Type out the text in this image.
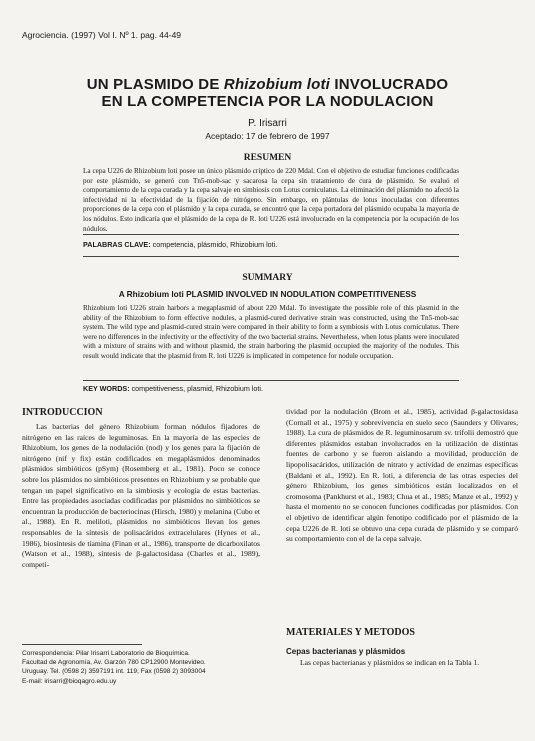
Agrociencia. (1997) Vol I. Nº 1. pag. 44-49
UN PLASMIDO DE Rhizobium loti INVOLUCRADO
EN LA COMPETENCIA POR LA NODULACION
P. Irisarri
Aceptado: 17 de febrero de 1997
RESUMEN

La cepa U226 de Rhizobium loti posee un único plásmido críptico de 220 Mdal. Con el objetivo de estudiar funciones codificadas por este plásmido, se generó con Tn5-mob-sac y sacarosa la cepa sin tratamiento de cura de plásmido. Se evaluó el comportamiento de la cepa curada y la cepa salvaje en simbiosis con Lotus corniculatus. La eliminación del plásmido no afectó la infectividad ni la efectividad de la fijación de nitrógeno. Sin embargo, en plántulas de lotus inoculadas con diferentes proporciones de la cepa con el plásmido y la cepa curada, se encontró que la cepa portadora del plásmido ocupaba la mayoría de los nódulos. Esto indicaría que el plásmido de la cepa de R. loti U226 está involucrado en la competencia por la ocupación de los nódulos.

PALABRAS CLAVE: competencia, plásmido, Rhizobium loti.
SUMMARY
A Rhizobium loti PLASMID INVOLVED IN NODULATION COMPETITIVENESS

Rhizobium loti U226 strain harbors a megaplasmid of about 220 Mdal. To investigate the possible role of this plasmid in the ability of the Rhizobium to form effective nodules, a plasmid-cured derivative strain was constructed, using the Tn5-mob-sac system. The wild type and plasmid-cured strain were compared in their ability to form a symbiosis with Lotus corniculatus. There were no differences in the infectivity or the effectivity of the two bacterial strains. Nevertheless, when lotus plants were inoculated with a mixture of strains with and without plasmid, the strain harboring the plasmid occupied the majority of the nodules. This result would indicate that the plasmid from R. loti U226 is implicated in competence for nodule occupation.

KEY WORDS: competitiveness, plasmid, Rhizobium loti.
INTRODUCCION

Las bacterias del género Rhizobium forman nódulos fijadores de nitrógeno en las raíces de leguminosas. En la mayoría de las especies de Rhizobium, los genes de la nodulación (nod) y los genes para la fijación de nitrógeno (nif y fix) están codificados en megaplásmidos denominados plásmidos simbióticos (pSym) (Rosemberg et al., 1981). Poco se conoce sobre los plásmidos no simbióticos presentes en Rhizobium y se probable que tengan un papel significativo en la simbiosis y ecología de estas bacterias. Entre las propiedades asociadas codificadas por plásmidos no simbióticos se encuentran la producción de bacteriocinas (Hirsch, 1980) y melanina (Cubo et al., 1988). En R. meliloti, plásmidos no simbióticos llevan los genes responsables de la síntesis de polisacáridos extracelulares (Hynes et al., 1986), biosíntesis de tiamina (Finan et al., 1986), transporte de dicarboxilatos (Watson et al., 1988), síntesis de β-galactosidasa (Charles et al., 1989), competi-

tividad por la nodulación (Brom et al., 1985), actividad β-galactosidasa (Cornall et al., 1975) y sobrevivencia en suelo seco (Saunders y Olivares, 1988). La cura de plásmidos de R. leguminosarum sv. trifolii demostró que diferentes plásmidos estaban involucrados en la utilización de distintas fuentes de carbono y se fueron aislando a movilidad, producción de lipopolisacáridos, utilización de nitrato y actividad de enzimas específicas (Baldani et al., 1992). En R. loti, a diferencia de las otras especies del género Rhizobium, los genes simbióticos están localizados en el cromosoma (Pankhurst et al., 1983; Chua et al., 1985; Manze et al., 1992) y hasta el momento no se conocen funciones codificadas por plásmidos. Con el objetivo de identificar algún fenotipo codificado por el plásmido de la cepa U226 de R. loti se obtuvo una cepa curada de plásmido y se comparó su comportamiento con el de la cepa salvaje.

MATERIALES Y METODOS
Cepas bacterianas y plásmidos

Las cepas bacterianas y plásmidos se indican en la Tabla 1.

Correspondencia: Pilar Irisarri Laboratorio de Bioquímica.
Facultad de Agronomía, Av. Garzón 780 CP12900 Montevideo.
Uruguay. Tel. (0598 2) 3597191 int. 119, Fax (0598 2) 3093004
E-mail: irisarri@bioqagro.edu.uy
